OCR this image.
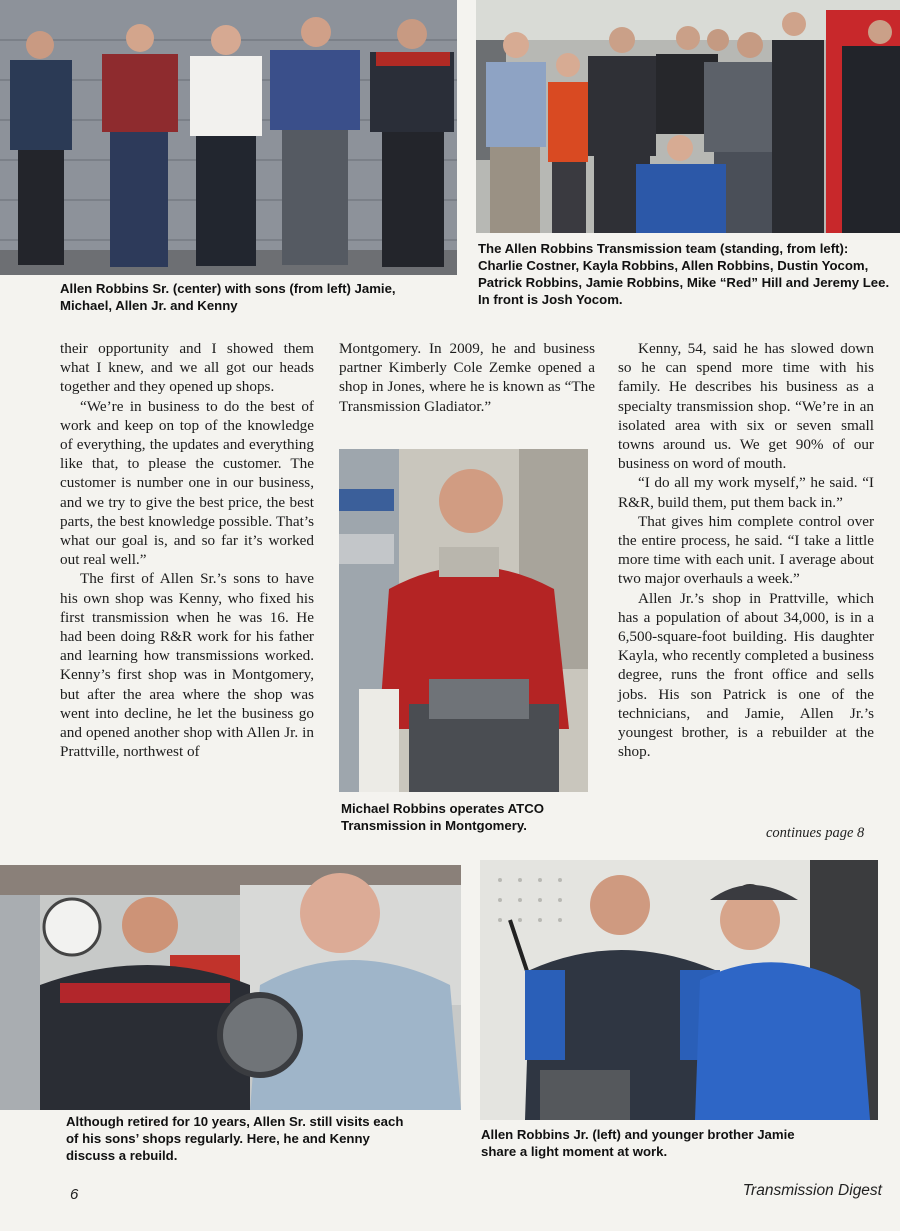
Allen Robbins Sr. (center) with sons (from left) Jamie, Michael, Allen Jr. and Kenny

The Allen Robbins Transmission team (standing, from left): Charlie Costner, Kayla Robbins, Allen Robbins, Dustin Yocom, Patrick Robbins, Jamie Robbins, Mike “Red” Hill and Jeremy Lee. In front is Josh Yocom.

their opportunity and I showed them what I knew, and we all got our heads together and they opened up shops.

“We’re in business to do the best of work and keep on top of the knowledge of everything, the updates and everything like that, to please the customer. The customer is number one in our business, and we try to give the best price, the best parts, the best knowledge possible. That’s what our goal is, and so far it’s worked out real well.”

The first of Allen Sr.’s sons to have his own shop was Kenny, who fixed his first transmission when he was 16. He had been doing R&R work for his father and learning how transmissions worked. Kenny’s first shop was in Montgomery, but after the area where the shop was went into decline, he let the business go and opened another shop with Allen Jr. in Prattville, northwest of

Montgomery. In 2009, he and business partner Kimberly Cole Zemke opened a shop in Jones, where he is known as “The Transmission Gladiator.”

Michael Robbins operates ATCO Transmission in Montgomery.

Kenny, 54, said he has slowed down so he can spend more time with his family. He describes his business as a specialty transmission shop. “We’re in an isolated area with six or seven small towns around us. We get 90% of our business on word of mouth.

“I do all my work myself,” he said. “I R&R, build them, put them back in.”

That gives him complete control over the entire process, he said. “I take a little more time with each unit. I average about two major overhauls a week.”

Allen Jr.’s shop in Prattville, which has a population of about 34,000, is in a 6,500-square-foot building. His daughter Kayla, who recently completed a business degree, runs the front office and sells jobs. His son Patrick is one of the technicians, and Jamie, Allen Jr.’s youngest brother, is a rebuilder at the shop.

continues page 8

Although retired for 10 years, Allen Sr. still visits each of his sons’ shops regularly. Here, he and Kenny discuss a rebuild.

Allen Robbins Jr. (left) and younger brother Jamie share a light moment at work.

6	Transmission Digest
